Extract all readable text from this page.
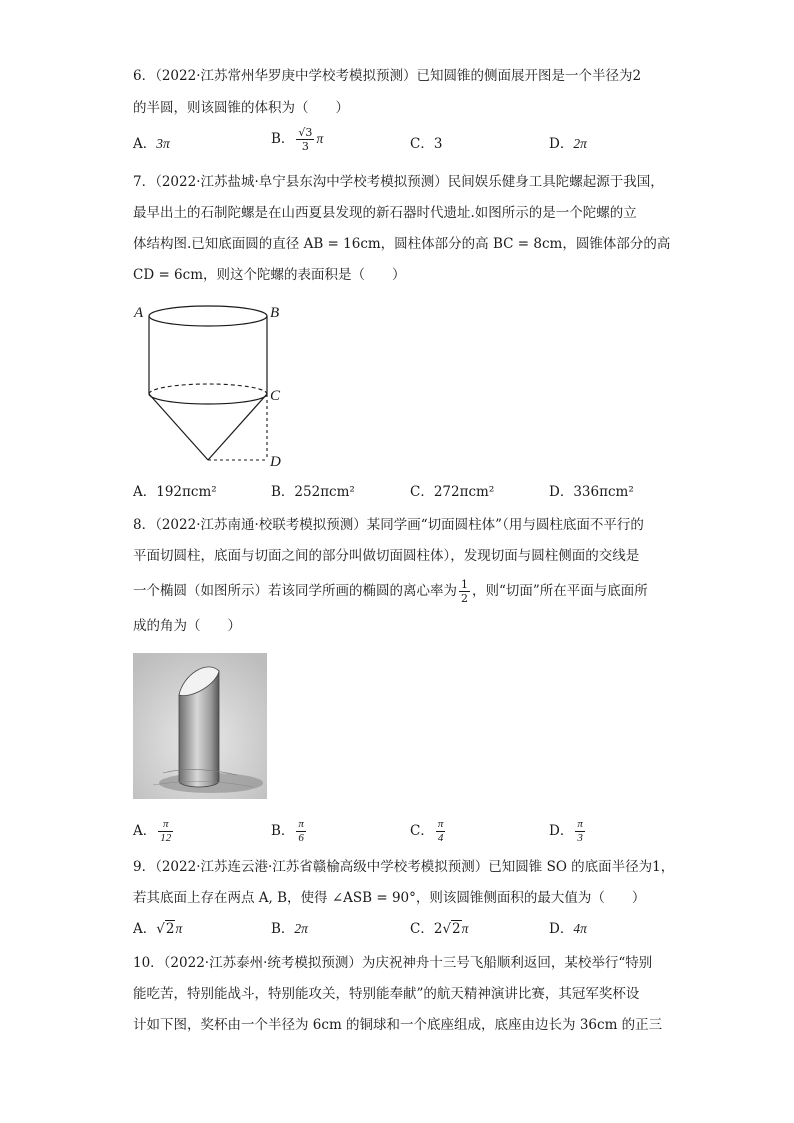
6．（2022·江苏常州华罗庚中学校考模拟预测）已知圆锥的侧面展开图是一个半径为2
的半圆，则该圆锥的体积为（　　）
A．3π	B． $\frac{√3}{3}$ π	C．3	D．2π
7．（2022·江苏盐城·阜宁县东沟中学校考模拟预测）民间娱乐健身工具陀螺起源于我国，
最早出土的石制陀螺是在山西夏县发现的新石器时代遗址.如图所示的是一个陀螺的立
体结构图.已知底面圆的直径 AB = 16cm，圆柱体部分的高 BC = 8cm，圆锥体部分的高
CD = 6cm，则这个陀螺的表面积是（　　）
A	B
C
D
A．192πcm²	B．252πcm²	C．272πcm²	D．336πcm²
8．（2022·江苏南通·校联考模拟预测）某同学画“切面圆柱体”（用与圆柱底面不平行的
平面切圆柱，底面与切面之间的部分叫做切面圆柱体），发现切面与圆柱侧面的交线是
一个椭圆（如图所示）若该同学所画的椭圆的离心率为 $\frac{1}{2}$ ，则“切面”所在平面与底面所
成的角为（　　）
A． $\frac{\pi}{12}$	B． $\frac{\pi}{6}$	C． $\frac{\pi}{4}$	D． $\frac{\pi}{3}$
9．（2022·江苏连云港·江苏省赣榆高级中学校考模拟预测）已知圆锥 SO 的底面半径为1，
若其底面上存在两点 A, B，使得 ∠ASB = 90°，则该圆锥侧面积的最大值为（　　）
A．√2π	B．2π	C．2√2π	D．4π
10．（2022·江苏泰州·统考模拟预测）为庆祝神舟十三号飞船顺利返回，某校举行“特别
能吃苦，特别能战斗，特别能攻关，特别能奉献”的航天精神演讲比赛，其冠军奖杯设
计如下图，奖杯由一个半径为 6cm 的铜球和一个底座组成，底座由边长为 36cm 的正三
